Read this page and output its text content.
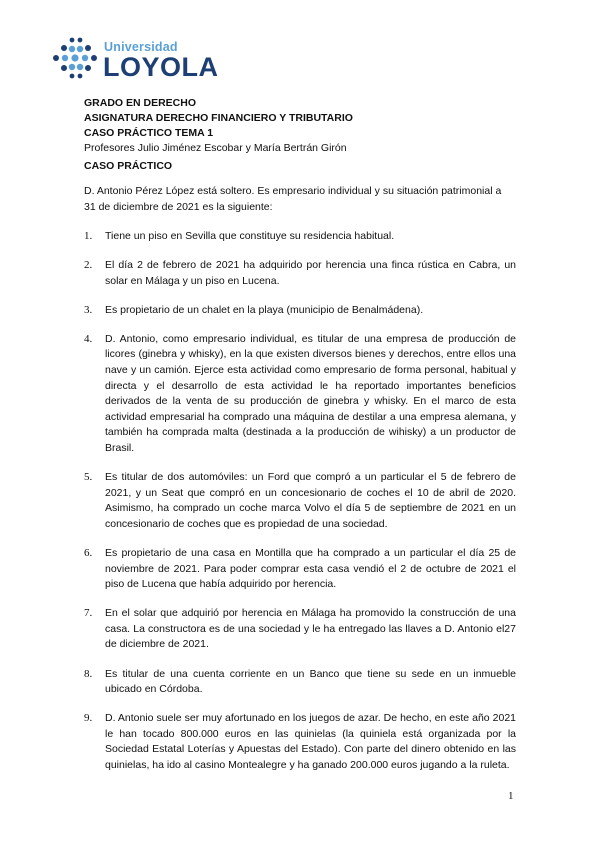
Universidad
LOYOLA
GRADO EN DERECHO
ASIGNATURA DERECHO FINANCIERO Y TRIBUTARIO
CASO PRÁCTICO TEMA 1
Profesores Julio Jiménez Escobar y María Bertrán Girón
CASO PRÁCTICO
D. Antonio Pérez López está soltero. Es empresario individual y su situación patrimonial a 31 de diciembre de 2021 es la siguiente:
1. Tiene un piso en Sevilla que constituye su residencia habitual.
2. El día 2 de febrero de 2021 ha adquirido por herencia una finca rústica en Cabra, un solar en Málaga y un piso en Lucena.
3. Es propietario de un chalet en la playa (municipio de Benalmádena).
4. D. Antonio, como empresario individual, es titular de una empresa de producción de licores (ginebra y whisky), en la que existen diversos bienes y derechos, entre ellos una nave y un camión. Ejerce esta actividad como empresario de forma personal, habitual y directa y el desarrollo de esta actividad le ha reportado importantes beneficios derivados de la venta de su producción de ginebra y whisky. En el marco de esta actividad empresarial ha comprado una máquina de destilar a una empresa alemana, y también ha comprada malta (destinada a la producción de wihisky) a un productor de Brasil.
5. Es titular de dos automóviles: un Ford que compró a un particular el 5 de febrero de 2021, y un Seat que compró en un concesionario de coches el 10 de abril de 2020. Asimismo, ha comprado un coche marca Volvo el día 5 de septiembre de 2021 en un concesionario de coches que es propiedad de una sociedad.
6. Es propietario de una casa en Montilla que ha comprado a un particular el día 25 de noviembre de 2021. Para poder comprar esta casa vendió el 2 de octubre de 2021 el piso de Lucena que había adquirido por herencia.
7. En el solar que adquirió por herencia en Málaga ha promovido la construcción de una casa. La constructora es de una sociedad y le ha entregado las llaves a D. Antonio el27 de diciembre de 2021.
8. Es titular de una cuenta corriente en un Banco que tiene su sede en un inmueble ubicado en Córdoba.
9. D. Antonio suele ser muy afortunado en los juegos de azar. De hecho, en este año 2021 le han tocado 800.000 euros en las quinielas (la quiniela está organizada por la Sociedad Estatal Loterías y Apuestas del Estado). Con parte del dinero obtenido en las quinielas, ha ido al casino Montealegre y ha ganado 200.000 euros jugando a la ruleta.
1
